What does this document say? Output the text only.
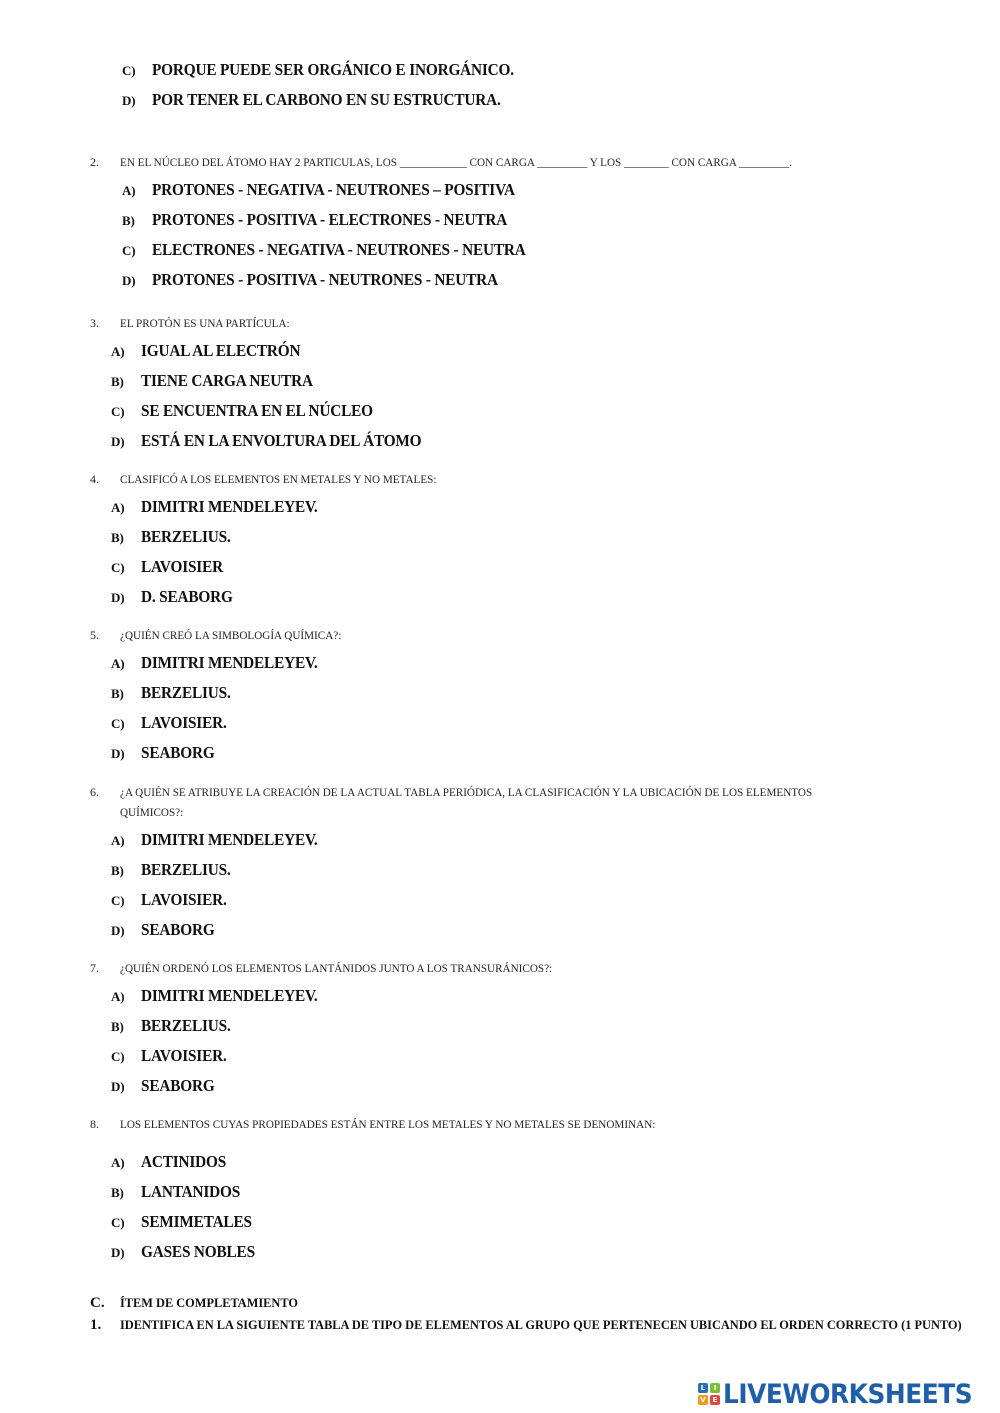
C) PORQUE PUEDE SER ORGÁNICO E INORGÁNICO.
D) POR TENER EL CARBONO EN SU ESTRUCTURA.
2.	EN EL NÚCLEO DEL ÁTOMO HAY 2 PARTICULAS, LOS ____________ CON CARGA _________ Y LOS ________ CON CARGA _________.
A) PROTONES - NEGATIVA - NEUTRONES – POSITIVA
B)	PROTONES - POSITIVA - ELECTRONES - NEUTRA
C) ELECTRONES - NEGATIVA - NEUTRONES - NEUTRA
D) PROTONES - POSITIVA - NEUTRONES - NEUTRA
3.	EL PROTÓN ES UNA PARTÍCULA:
A) IGUAL AL ELECTRÓN
B)	TIENE CARGA NEUTRA
C) SE ENCUENTRA EN EL NÚCLEO
D) ESTÁ EN LA ENVOLTURA DEL ÁTOMO
4.	CLASIFICÓ A LOS ELEMENTOS EN METALES Y NO METALES:
A) DIMITRI MENDELEYEV.
B)	BERZELIUS.
C) LAVOISIER
D) D. SEABORG
5.	¿QUIÉN CREÓ LA SIMBOLOGÍA QUÍMICA?:
A) DIMITRI MENDELEYEV.
B)	BERZELIUS.
C) LAVOISIER.
D) SEABORG
6.	¿A QUIÉN SE ATRIBUYE LA CREACIÓN DE LA ACTUAL TABLA PERIÓDICA, LA CLASIFICACIÓN Y LA UBICACIÓN DE LOS ELEMENTOS
QUÍMICOS?:
A) DIMITRI MENDELEYEV.
B)	BERZELIUS.
C) LAVOISIER.
D) SEABORG
7.	¿QUIÉN ORDENÓ LOS ELEMENTOS LANTÁNIDOS JUNTO A LOS TRANSURÁNICOS?:
A) DIMITRI MENDELEYEV.
B)	BERZELIUS.
C) LAVOISIER.
D) SEABORG
8.	LOS ELEMENTOS CUYAS PROPIEDADES ESTÁN ENTRE LOS METALES Y NO METALES SE DENOMINAN:
A) ACTINIDOS
B)	LANTANIDOS
C) SEMIMETALES
D) GASES NOBLES
C.	ÍTEM DE COMPLETAMIENTO
1.	IDENTIFICA EN LA SIGUIENTE TABLA DE TIPO DE ELEMENTOS AL GRUPO QUE PERTENECEN UBICANDO EL ORDEN CORRECTO (1 PUNTO)
L	I
V E LIVEWORKSHEETS
